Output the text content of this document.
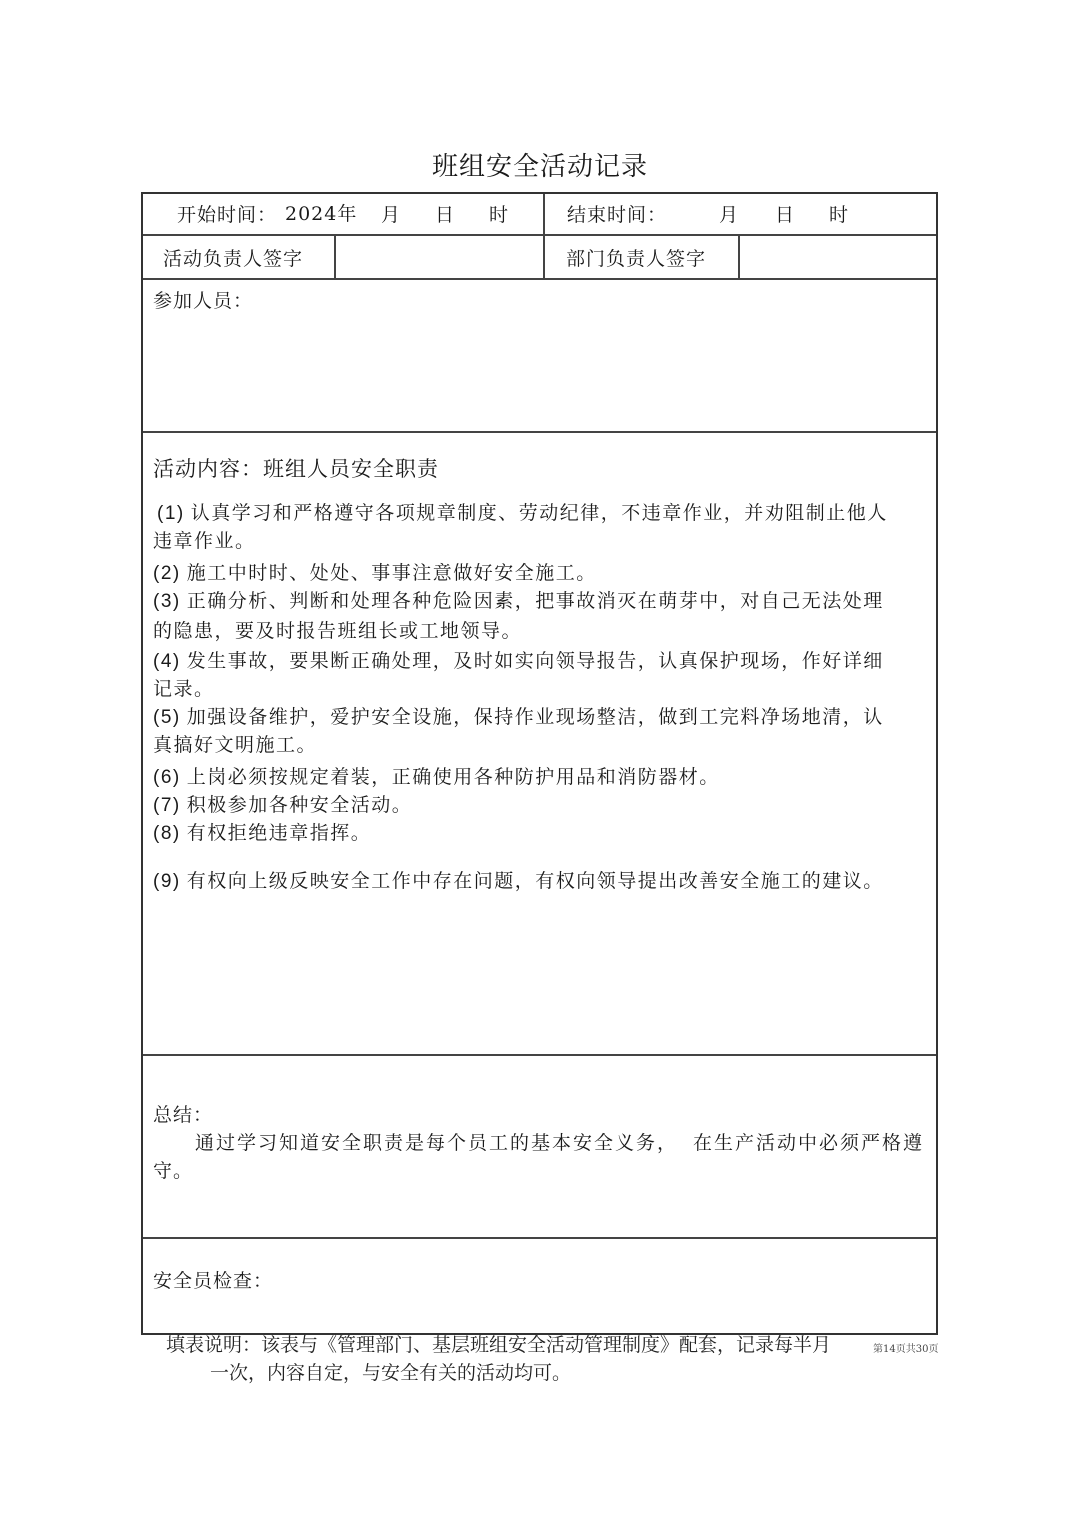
班组安全活动记录
开始时间： 2024年 月 日 时	结束时间：	月 日 时
活动负责人签字	部门负责人签字
参加人员：
活动内容：班组人员安全职责
(1) 认真学习和严格遵守各项规章制度、劳动纪律，不违章作业，并劝阻制止他人
违章作业。
(2) 施工中时时、处处、事事注意做好安全施工。
(3) 正确分析、判断和处理各种危险因素，把事故消灭在萌芽中，对自己无法处理
的隐患，要及时报告班组长或工地领导。
(4) 发生事故，要果断正确处理，及时如实向领导报告，认真保护现场，作好详细
记录。
(5) 加强设备维护，爱护安全设施，保持作业现场整洁，做到工完料净场地清，认
真搞好文明施工。
(6) 上岗必须按规定着装，正确使用各种防护用品和消防器材。
(7) 积极参加各种安全活动。
(8) 有权拒绝违章指挥。
(9) 有权向上级反映安全工作中存在问题，有权向领导提出改善安全施工的建议。
总结：
通过学习知道安全职责是每个员工的基本安全义务， 在生产活动中必须严格遵
守。
安全员检查：
填表说明：该表与《管理部门、基层班组安全活动管理制度》配套，记录每半月
一次，内容自定，与安全有关的活动均可。
第14页共30页
